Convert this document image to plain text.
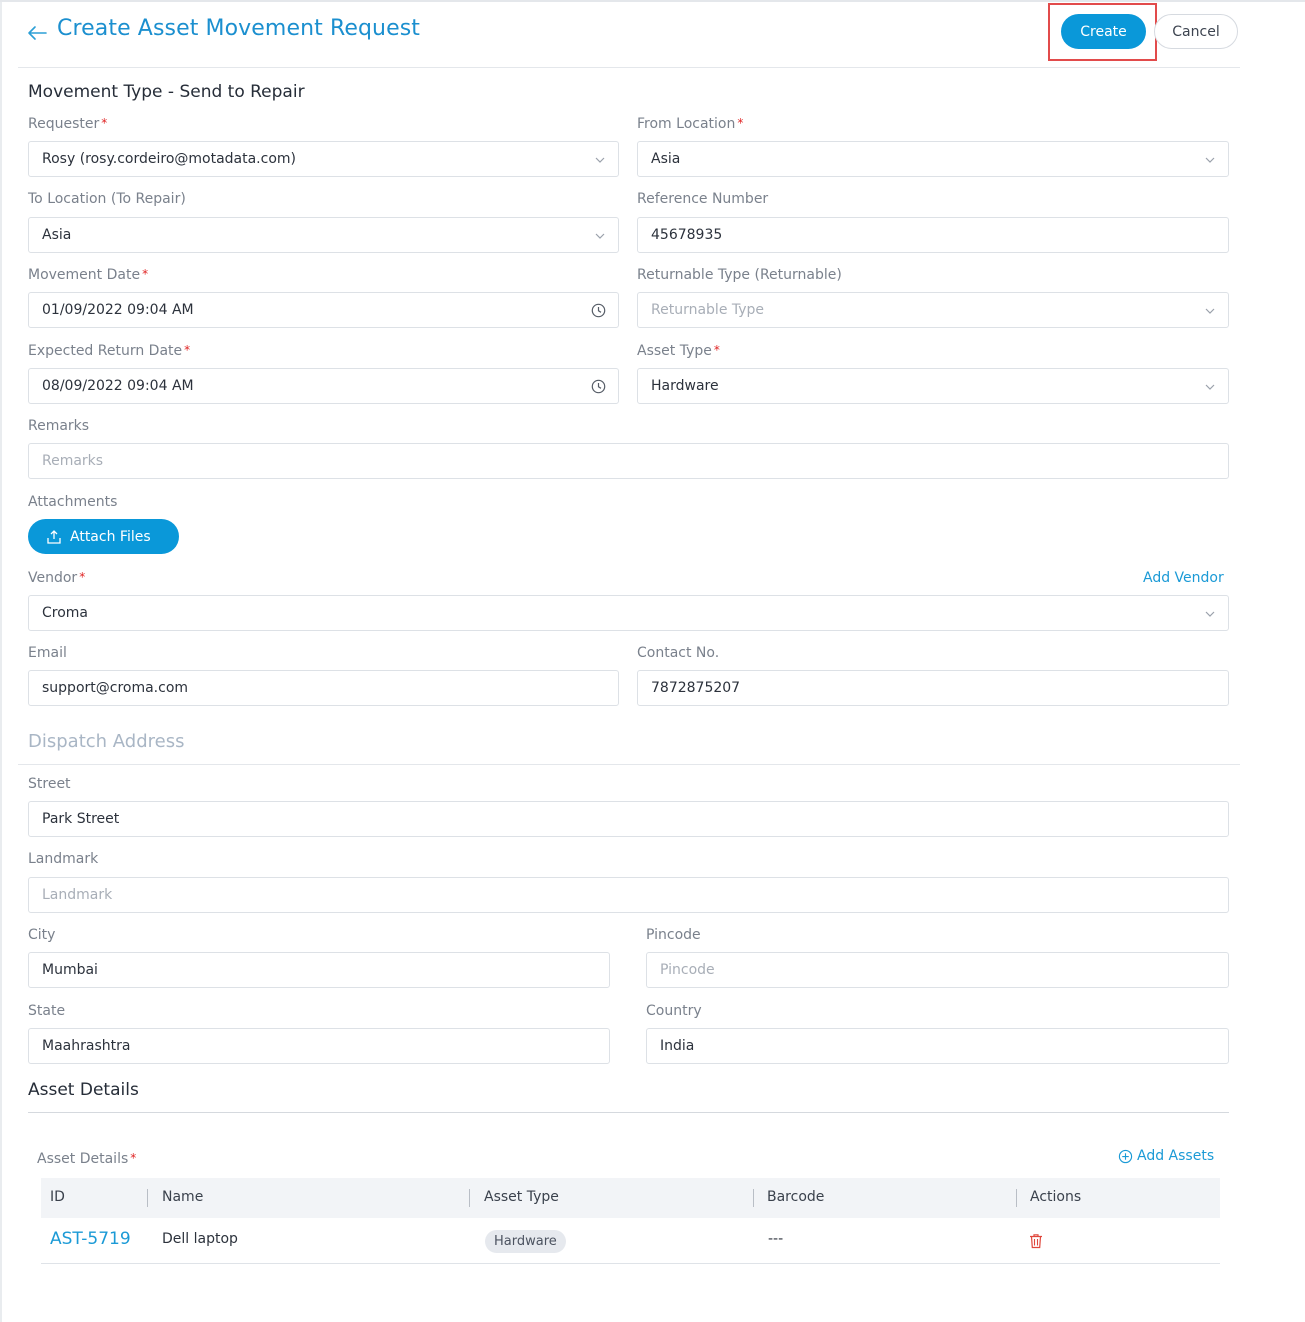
Create Asset Movement Request	Create	Cancel
Movement Type - Send to Repair
Requester *
Rosy (rosy.cordeiro@motadata.com)
From Location *
Asia
To Location (To Repair)
Asia
Reference Number
45678935
Movement Date *
01/09/2022 09:04 AM
Returnable Type (Returnable)
Returnable Type
Expected Return Date *
08/09/2022 09:04 AM
Asset Type *
Hardware
Remarks
Remarks
Attachments
Attach Files
Vendor *	Add Vendor
Croma
Email
support@croma.com
Contact No.
7872875207
Dispatch Address
Street
Park Street
Landmark
Landmark
City
Mumbai
Pincode
Pincode
State
Maahrashtra
Country
India
Asset Details
Asset Details *	Add Assets
ID	Name	Asset Type	Barcode	Actions
AST-5719 Dell laptop	Hardware	---
